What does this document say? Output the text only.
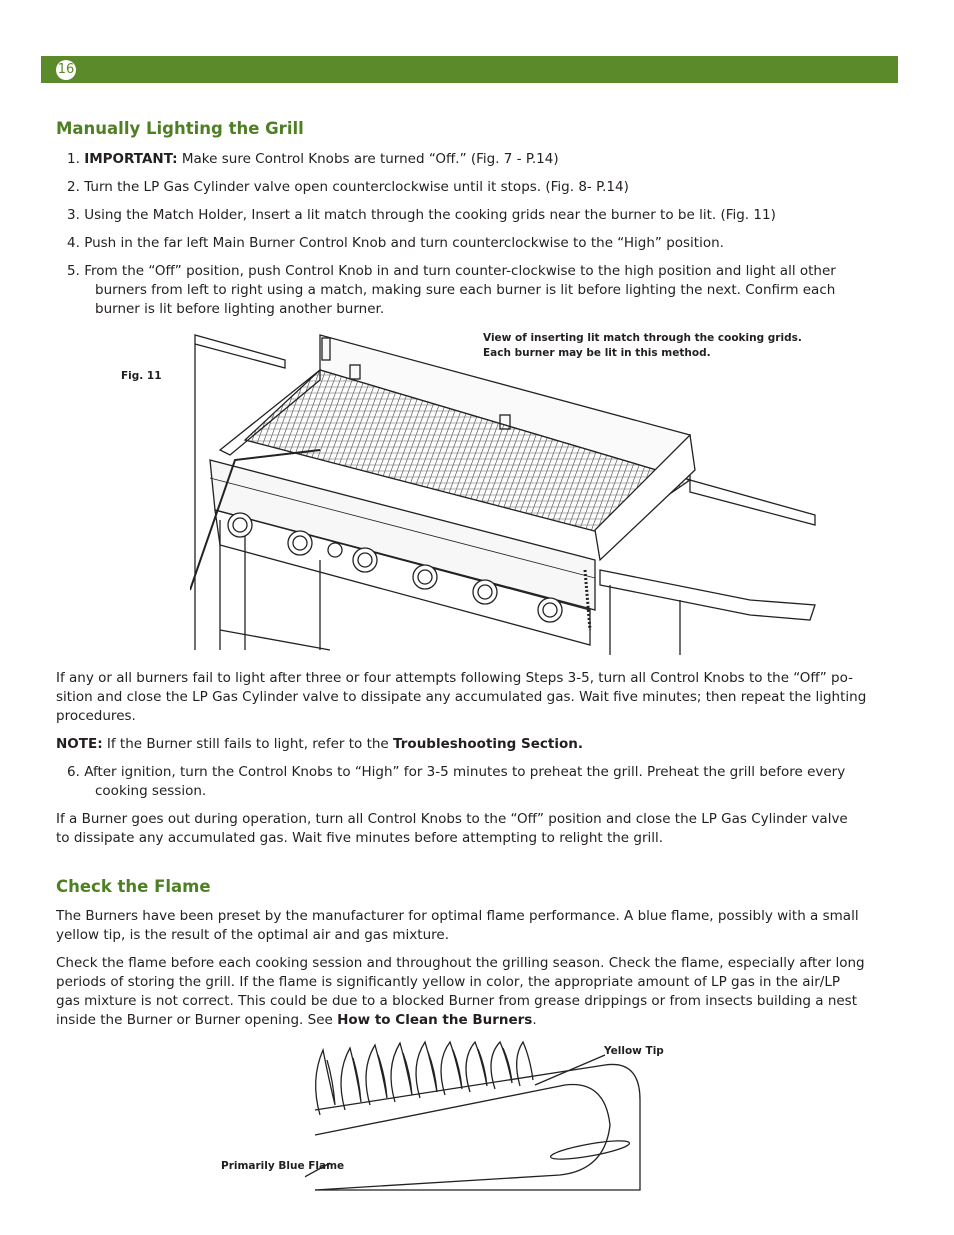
16
Manually Lighting the Grill

1. IMPORTANT: Make sure Control Knobs are turned “Off.” (Fig. 7 - P.14)

2. Turn the LP Gas Cylinder valve open counterclockwise until it stops. (Fig. 8- P.14)

3. Using the Match Holder, Insert a lit match through the cooking grids near the burner to be lit. (Fig. 11)

4. Push in the far left Main Burner Control Knob and turn counterclockwise to the “High” position.

5. From the “Off” position, push Control Knob in and turn counter-clockwise to the high position and light all other
burners from left to right using a match, making sure each burner is lit before lighting the next. Confirm each
burner is lit before lighting another burner.

Fig. 11
View of inserting lit match through the cooking grids.
Each burner may be lit in this method.

If any or all burners fail to light after three or four attempts following Steps 3-5, turn all Control Knobs to the “Off” po-
sition and close the LP Gas Cylinder valve to dissipate any accumulated gas. Wait five minutes; then repeat the lighting
procedures.

NOTE: If the Burner still fails to light, refer to the Troubleshooting Section.

6. After ignition, turn the Control Knobs to “High” for 3-5 minutes to preheat the grill. Preheat the grill before every
cooking session.

If a Burner goes out during operation, turn all Control Knobs to the “Off” position and close the LP Gas Cylinder valve
to dissipate any accumulated gas. Wait five minutes before attempting to relight the grill.

Check the Flame

The Burners have been preset by the manufacturer for optimal flame performance. A blue flame, possibly with a small
yellow tip, is the result of the optimal air and gas mixture.

Check the flame before each cooking session and throughout the grilling season. Check the flame, especially after long
periods of storing the grill. If the flame is significantly yellow in color, the appropriate amount of LP gas in the air/LP
gas mixture is not correct. This could be due to a blocked Burner from grease drippings or from insects building a nest
inside the Burner or Burner opening. See How to Clean the Burners.

Yellow Tip
Primarily Blue Flame
